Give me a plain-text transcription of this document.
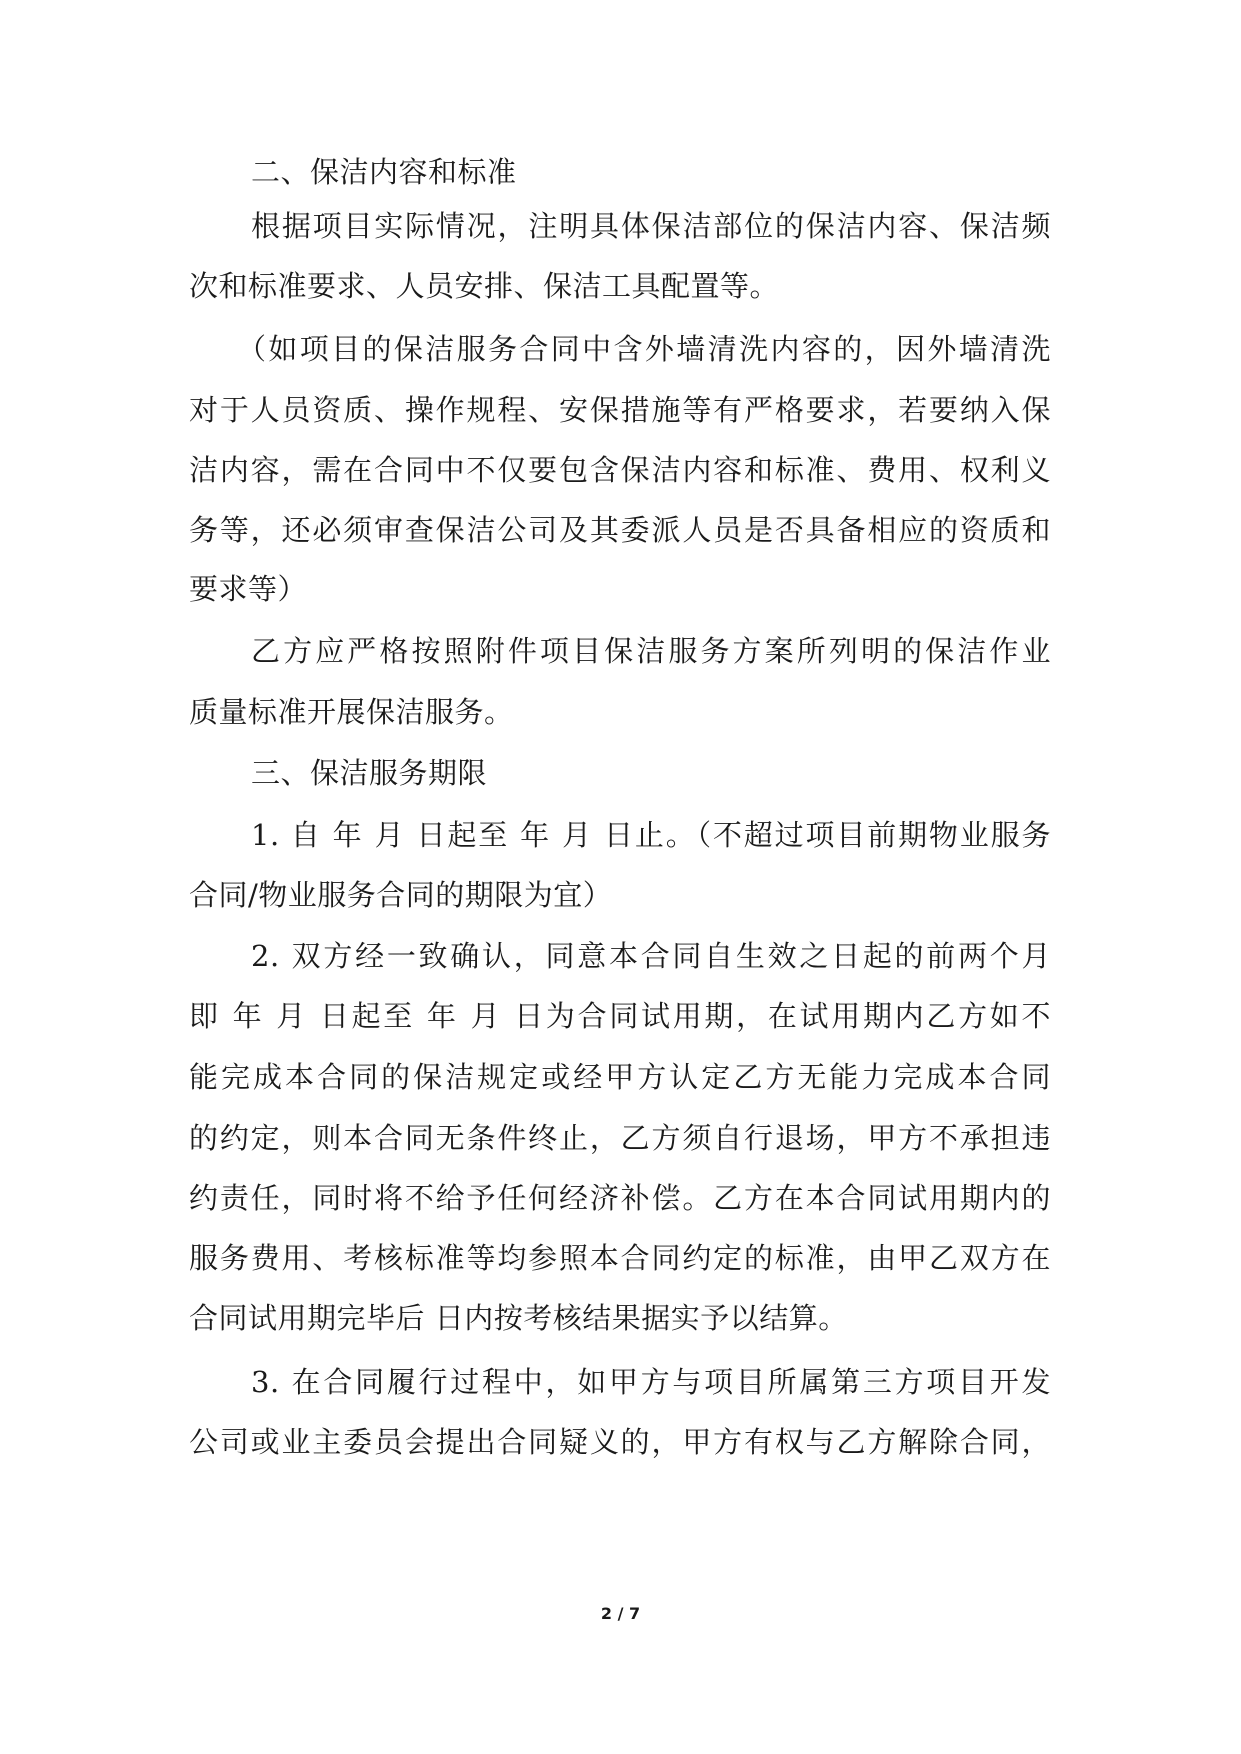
二、保洁内容和标准
根据项目实际情况，注明具体保洁部位的保洁内容、保洁频
次和标准要求、人员安排、保洁工具配置等。
（如项目的保洁服务合同中含外墙清洗内容的，因外墙清洗
对于人员资质、操作规程、安保措施等有严格要求，若要纳入保
洁内容，需在合同中不仅要包含保洁内容和标准、费用、权利义
务等，还必须审查保洁公司及其委派人员是否具备相应的资质和
要求等）
乙方应严格按照附件项目保洁服务方案所列明的保洁作业
质量标准开展保洁服务。
三、保洁服务期限
1. 自 年 月 日起至 年 月 日止。（不超过项目前期物业服务
合同/物业服务合同的期限为宜）
2. 双方经一致确认，同意本合同自生效之日起的前两个月
即 年 月 日起至 年 月 日为合同试用期，在试用期内乙方如不
能完成本合同的保洁规定或经甲方认定乙方无能力完成本合同
的约定，则本合同无条件终止，乙方须自行退场，甲方不承担违
约责任，同时将不给予任何经济补偿。乙方在本合同试用期内的
服务费用、考核标准等均参照本合同约定的标准，由甲乙双方在
合同试用期完毕后 日内按考核结果据实予以结算。
3. 在合同履行过程中，如甲方与项目所属第三方项目开发
公司或业主委员会提出合同疑义的，甲方有权与乙方解除合同，
2 / 7
